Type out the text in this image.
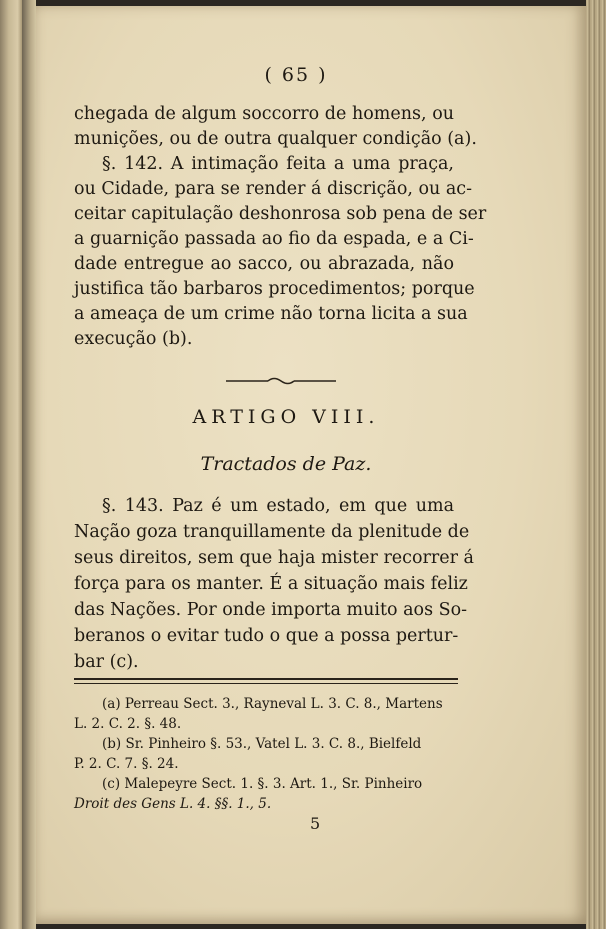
( 65 )
chegada de algum soccorro de homens, ou
munições, ou de outra qualquer condição (a).
§. 142. A intimação feita a uma praça,
ou Cidade, para se render á discrição, ou ac-
ceitar capitulação deshonrosa sob pena de ser
a guarnição passada ao fio da espada, e a Ci-
dade entregue ao sacco, ou abrazada, não
justifica tão barbaros procedimentos; porque
a ameaça de um crime não torna licita a sua
execução (b).
ARTIGO VIII.
Tractados de Paz.
§. 143. Paz é um estado, em que uma
Nação goza tranquillamente da plenitude de
seus direitos, sem que haja mister recorrer á
força para os manter. É a situação mais feliz
das Nações. Por onde importa muito aos So-
beranos o evitar tudo o que a possa pertur-
bar (c).
(a) Perreau Sect. 3., Rayneval L. 3. C. 8., Martens
L. 2. C. 2. §. 48.
(b) Sr. Pinheiro §. 53., Vatel L. 3. C. 8., Bielfeld
P. 2. C. 7. §. 24.
(c) Malepeyre Sect. 1. §. 3. Art. 1., Sr. Pinheiro
Droit des Gens L. 4. §§. 1., 5.
5
